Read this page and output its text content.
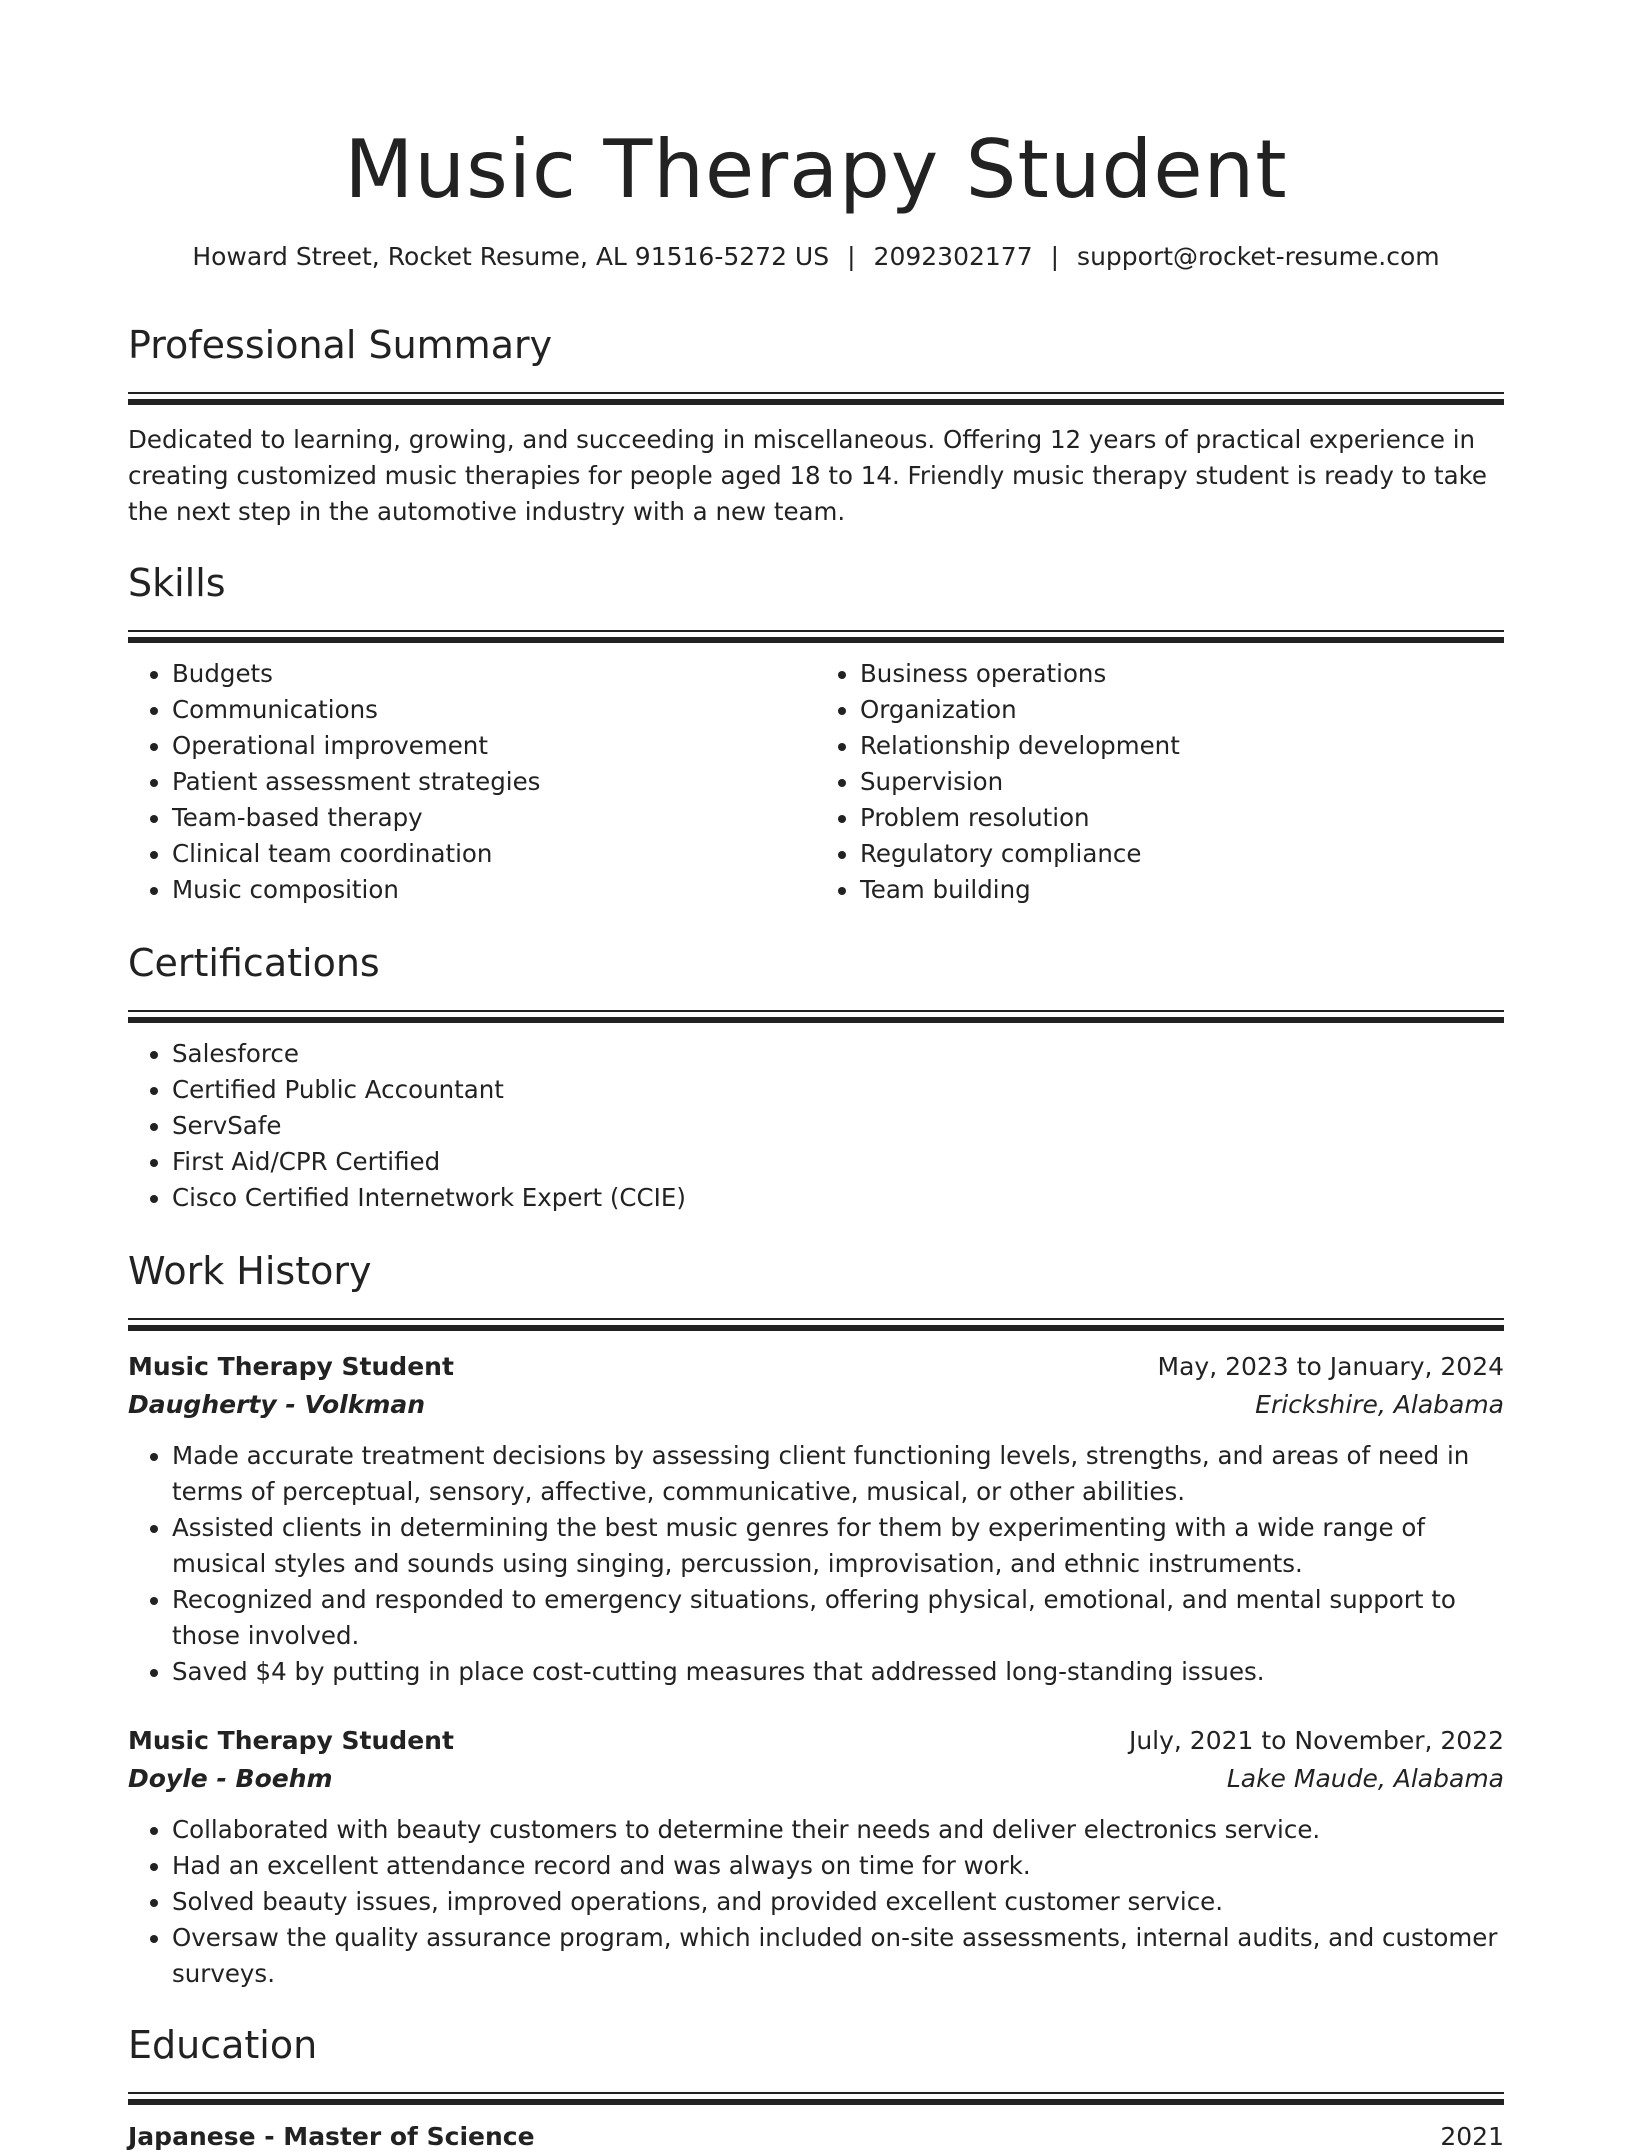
Music Therapy Student
Howard Street, Rocket Resume, AL 91516-5272 US | 2092302177 | support@rocket-resume.com
Professional Summary

Dedicated to learning, growing, and succeeding in miscellaneous. Offering 12 years of practical experience in creating customized music therapies for people aged 18 to 14. Friendly music therapy student is ready to take the next step in the automotive industry with a new team.

Skills
• Budgets
• Communications
• Operational improvement
• Patient assessment strategies
• Team-based therapy
• Clinical team coordination
• Music composition
• Business operations
• Organization
• Relationship development
• Supervision
• Problem resolution
• Regulatory compliance
• Team building
Certifications
• Salesforce
• Certified Public Accountant
• ServSafe
• First Aid/CPR Certified
• Cisco Certified Internetwork Expert (CCIE)
Work History
Music Therapy Student	May, 2023 to January, 2024
Daugherty - Volkman	Erickshire, Alabama
• Made accurate treatment decisions by assessing client functioning levels, strengths, and areas of need in terms of perceptual, sensory, affective, communicative, musical, or other abilities.
• Assisted clients in determining the best music genres for them by experimenting with a wide range of musical styles and sounds using singing, percussion, improvisation, and ethnic instruments.
• Recognized and responded to emergency situations, offering physical, emotional, and mental support to those involved.
• Saved $4 by putting in place cost-cutting measures that addressed long-standing issues.
Music Therapy Student	July, 2021 to November, 2022
Doyle - Boehm	Lake Maude, Alabama
• Collaborated with beauty customers to determine their needs and deliver electronics service.
• Had an excellent attendance record and was always on time for work.
• Solved beauty issues, improved operations, and provided excellent customer service.
• Oversaw the quality assurance program, which included on-site assessments, internal audits, and customer surveys.
Education
Japanese - Master of Science	2021
